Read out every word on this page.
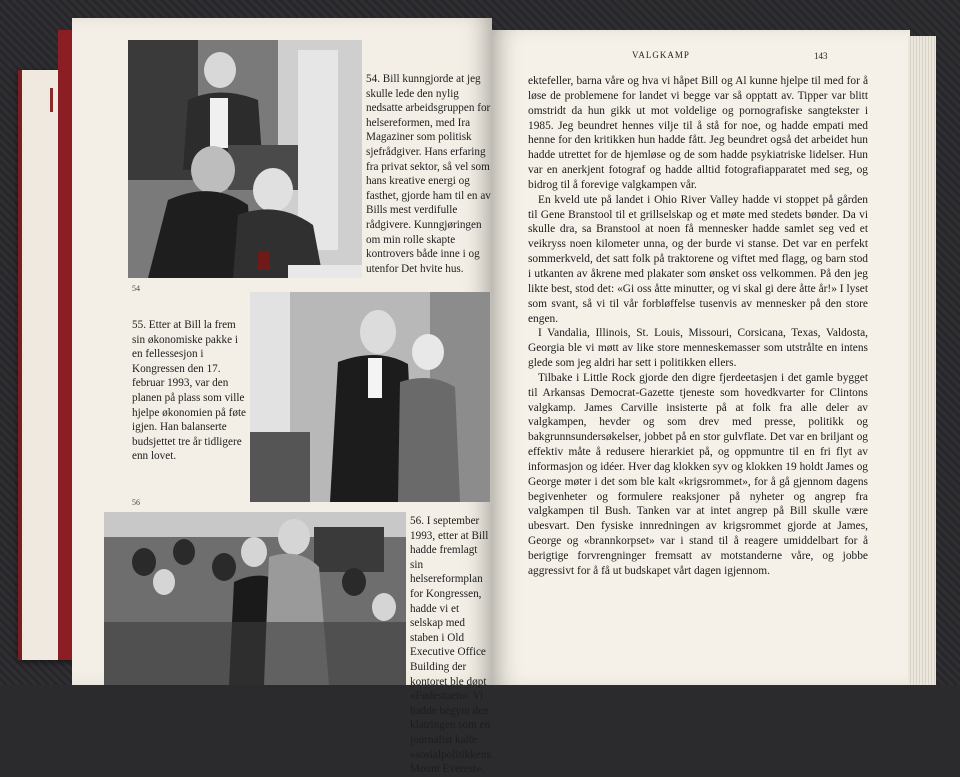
54
54. Bill kunngjorde at jeg skulle lede den nylig nedsatte arbeidsgruppen for helsereformen, med Ira Magaziner som politisk sjefrådgiver. Hans erfaring fra privat sektor, så vel som hans kreative energi og fasthet, gjorde ham til en av Bills mest verdifulle rådgivere. Kunngjøringen om min rolle skapte kontrovers både inne i og utenfor Det hvite hus.
55. Etter at Bill la frem sin økonomiske pakke i en fellessesjon i Kongressen den 17. februar 1993, var den planen på plass som ville hjelpe økonomien på føte igjen. Han balanserte budsjettet tre år tidligere enn lovet.
56
56. I september 1993, etter at Bill hadde fremlagt sin helsereformplan for Kongressen, hadde vi et selskap med staben i Old Executive Office Building der kontoret ble døpt «Fødestuen». Vi hadde begynt den klatringen som en journalist kalte «sosialpolitikkens Mount Everest».
VALGKAMP	143

ektefeller, barna våre og hva vi håpet Bill og Al kunne hjelpe til med for å løse de problemene for landet vi begge var så opptatt av. Tipper var blitt omstridt da hun gikk ut mot voldelige og pornografiske sangtekster i 1985. Jeg beundret hennes vilje til å stå for noe, og hadde empati med henne for den kritikken hun hadde fått. Jeg beundret også det arbeidet hun hadde utrettet for de hjemløse og de som hadde psykiatriske lidelser. Hun var en anerkjent fotograf og hadde alltid fotografiapparatet med seg, og bidrog til å forevige valgkampen vår.

En kveld ute på landet i Ohio River Valley hadde vi stoppet på gården til Gene Branstool til et grillselskap og et møte med stedets bønder. Da vi skulle dra, sa Branstool at noen få mennesker hadde samlet seg ved et veikryss noen kilometer unna, og der burde vi stanse. Det var en perfekt sommerkveld, det satt folk på traktorene og viftet med flagg, og barn stod i utkanten av åkrene med plakater som ønsket oss velkommen. På den jeg likte best, stod det: «Gi oss åtte minutter, og vi skal gi dere åtte år!» I lyset som svant, så vi til vår forbløffelse tusenvis av mennesker på den store engen.

I Vandalia, Illinois, St. Louis, Missouri, Corsicana, Texas, Valdosta, Georgia ble vi møtt av like store menneskemasser som utstrålte en intens glede som jeg aldri har sett i politikken ellers.

Tilbake i Little Rock gjorde den digre fjerdeetasjen i det gamle bygget til Arkansas Democrat-Gazette tjeneste som hovedkvarter for Clintons valgkamp. James Carville insisterte på at folk fra alle deler av valgkampen, hevder og som drev med presse, politikk og bakgrunnsundersøkelser, jobbet på en stor gulvflate. Det var en briljant og effektiv måte å redusere hierarkiet på, og oppmuntre til en fri flyt av informasjon og idéer. Hver dag klokken syv og klokken 19 holdt James og George møter i det som ble kalt «krigsrommet», for å gå gjennom dagens begivenheter og formulere reaksjoner på nyheter og angrep fra valgkampen til Bush. Tanken var at intet angrep på Bill skulle være ubesvart. Den fysiske innredningen av krigsrommet gjorde at James, George og «brannkorpset» var i stand til å reagere umiddelbart for å berigtige forvrengninger fremsatt av motstanderne våre, og jobbe aggressivt for å få ut budskapet vårt dagen igjennom.
